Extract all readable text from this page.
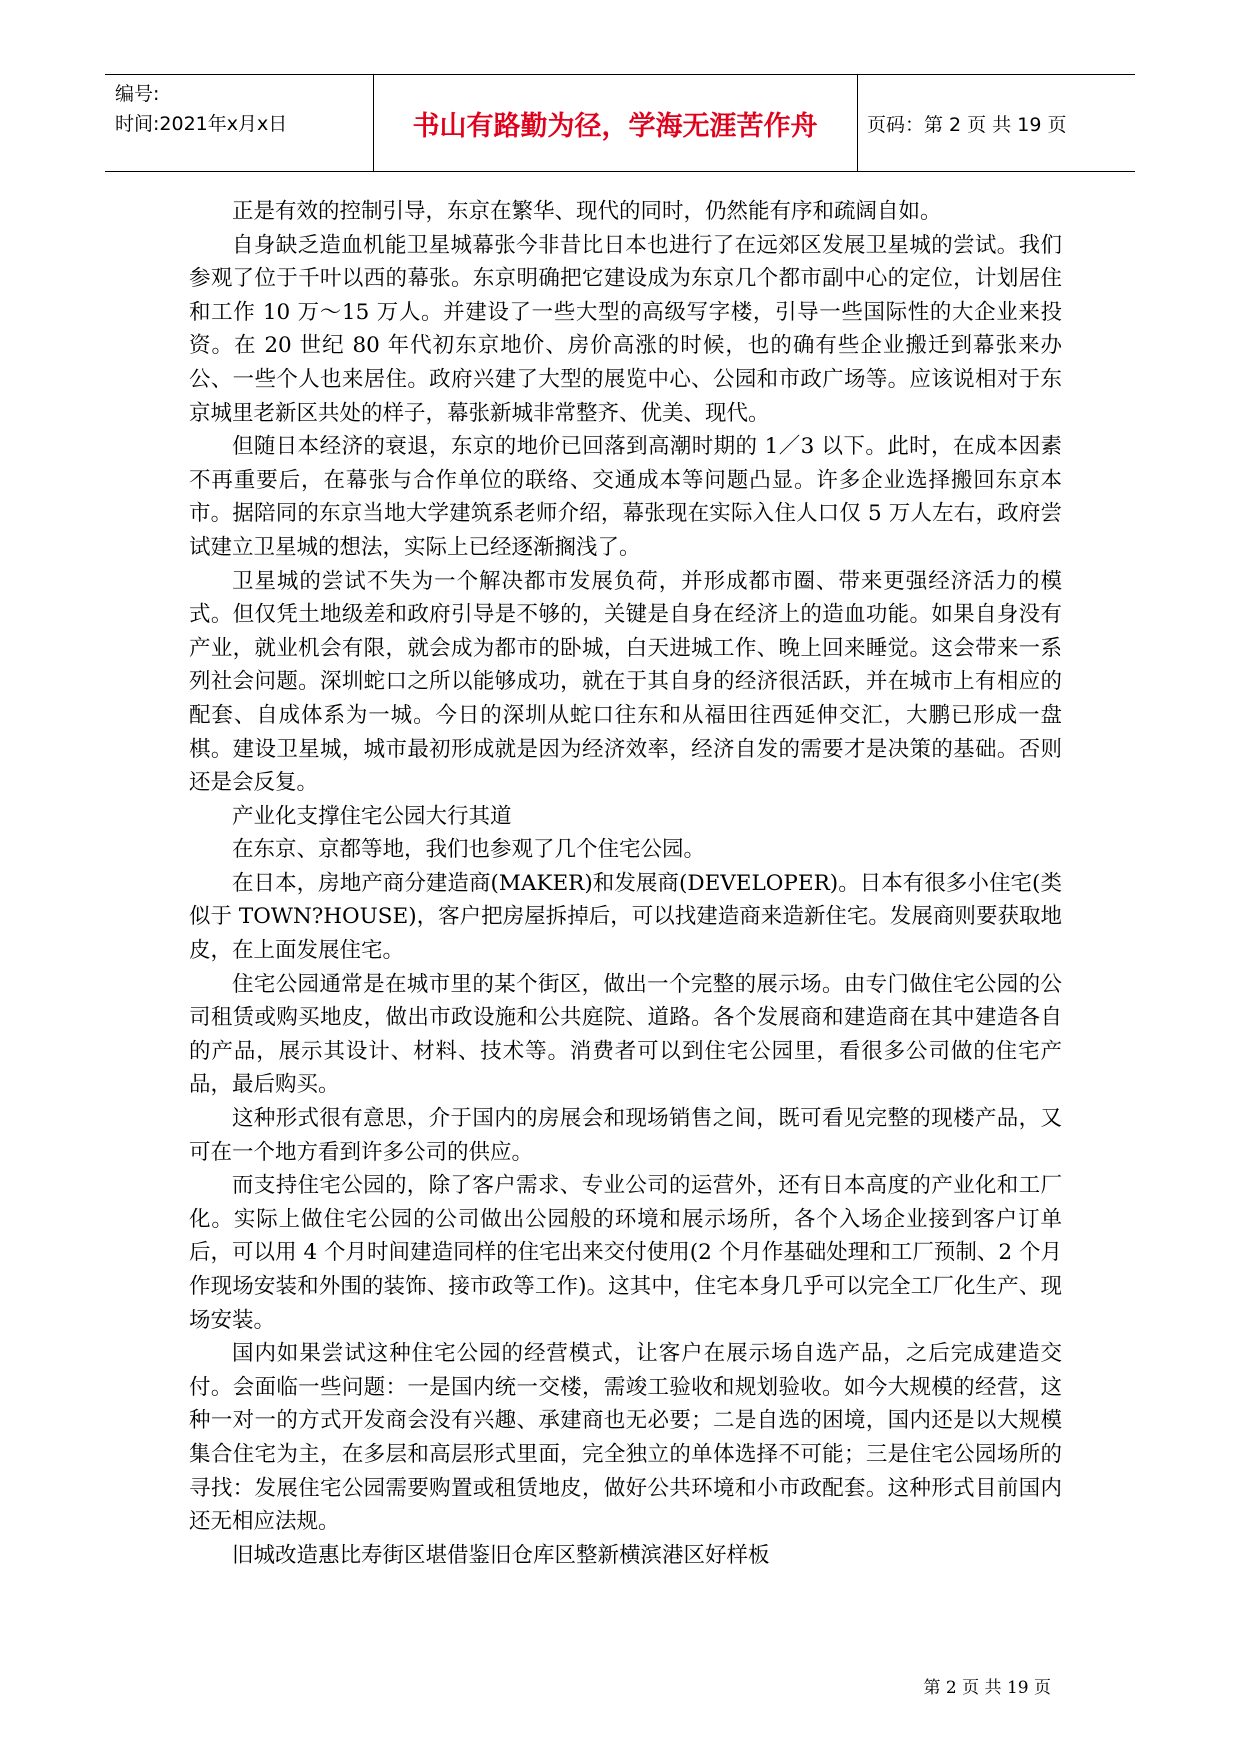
编号:
时间:2021年x月x日	书山有路勤为径，学海无涯苦作舟	页码：第 2 页 共 19 页

正是有效的控制引导，东京在繁华、现代的同时，仍然能有序和疏阔自如。

自身缺乏造血机能卫星城幕张今非昔比日本也进行了在远郊区发展卫星城的尝试。我们参观了位于千叶以西的幕张。东京明确把它建设成为东京几个都市副中心的定位，计划居住和工作 10 万～15 万人。并建设了一些大型的高级写字楼，引导一些国际性的大企业来投资。在 20 世纪 80 年代初东京地价、房价高涨的时候，也的确有些企业搬迁到幕张来办公、一些个人也来居住。政府兴建了大型的展览中心、公园和市政广场等。应该说相对于东京城里老新区共处的样子，幕张新城非常整齐、优美、现代。

但随日本经济的衰退，东京的地价已回落到高潮时期的 1／3 以下。此时，在成本因素不再重要后，在幕张与合作单位的联络、交通成本等问题凸显。许多企业选择搬回东京本市。据陪同的东京当地大学建筑系老师介绍，幕张现在实际入住人口仅 5 万人左右，政府尝试建立卫星城的想法，实际上已经逐渐搁浅了。

卫星城的尝试不失为一个解决都市发展负荷，并形成都市圈、带来更强经济活力的模式。但仅凭土地级差和政府引导是不够的，关键是自身在经济上的造血功能。如果自身没有产业，就业机会有限，就会成为都市的卧城，白天进城工作、晚上回来睡觉。这会带来一系列社会问题。深圳蛇口之所以能够成功，就在于其自身的经济很活跃，并在城市上有相应的配套、自成体系为一城。今日的深圳从蛇口往东和从福田往西延伸交汇，大鹏已形成一盘棋。建设卫星城，城市最初形成就是因为经济效率，经济自发的需要才是决策的基础。否则还是会反复。

产业化支撑住宅公园大行其道

在东京、京都等地，我们也参观了几个住宅公园。

在日本，房地产商分建造商(MAKER)和发展商(DEVELOPER)。日本有很多小住宅(类似于 TOWN?HOUSE)，客户把房屋拆掉后，可以找建造商来造新住宅。发展商则要获取地皮，在上面发展住宅。

住宅公园通常是在城市里的某个街区，做出一个完整的展示场。由专门做住宅公园的公司租赁或购买地皮，做出市政设施和公共庭院、道路。各个发展商和建造商在其中建造各自的产品，展示其设计、材料、技术等。消费者可以到住宅公园里，看很多公司做的住宅产品，最后购买。

这种形式很有意思，介于国内的房展会和现场销售之间，既可看见完整的现楼产品，又可在一个地方看到许多公司的供应。

而支持住宅公园的，除了客户需求、专业公司的运营外，还有日本高度的产业化和工厂化。实际上做住宅公园的公司做出公园般的环境和展示场所，各个入场企业接到客户订单后，可以用 4 个月时间建造同样的住宅出来交付使用(2 个月作基础处理和工厂预制、2 个月作现场安装和外围的装饰、接市政等工作)。这其中，住宅本身几乎可以完全工厂化生产、现场安装。

国内如果尝试这种住宅公园的经营模式，让客户在展示场自选产品，之后完成建造交付。会面临一些问题：一是国内统一交楼，需竣工验收和规划验收。如今大规模的经营，这种一对一的方式开发商会没有兴趣、承建商也无必要；二是自选的困境，国内还是以大规模集合住宅为主，在多层和高层形式里面，完全独立的单体选择不可能；三是住宅公园场所的寻找：发展住宅公园需要购置或租赁地皮，做好公共环境和小市政配套。这种形式目前国内还无相应法规。

旧城改造惠比寿街区堪借鉴旧仓库区整新横滨港区好样板

第 2 页 共 19 页
